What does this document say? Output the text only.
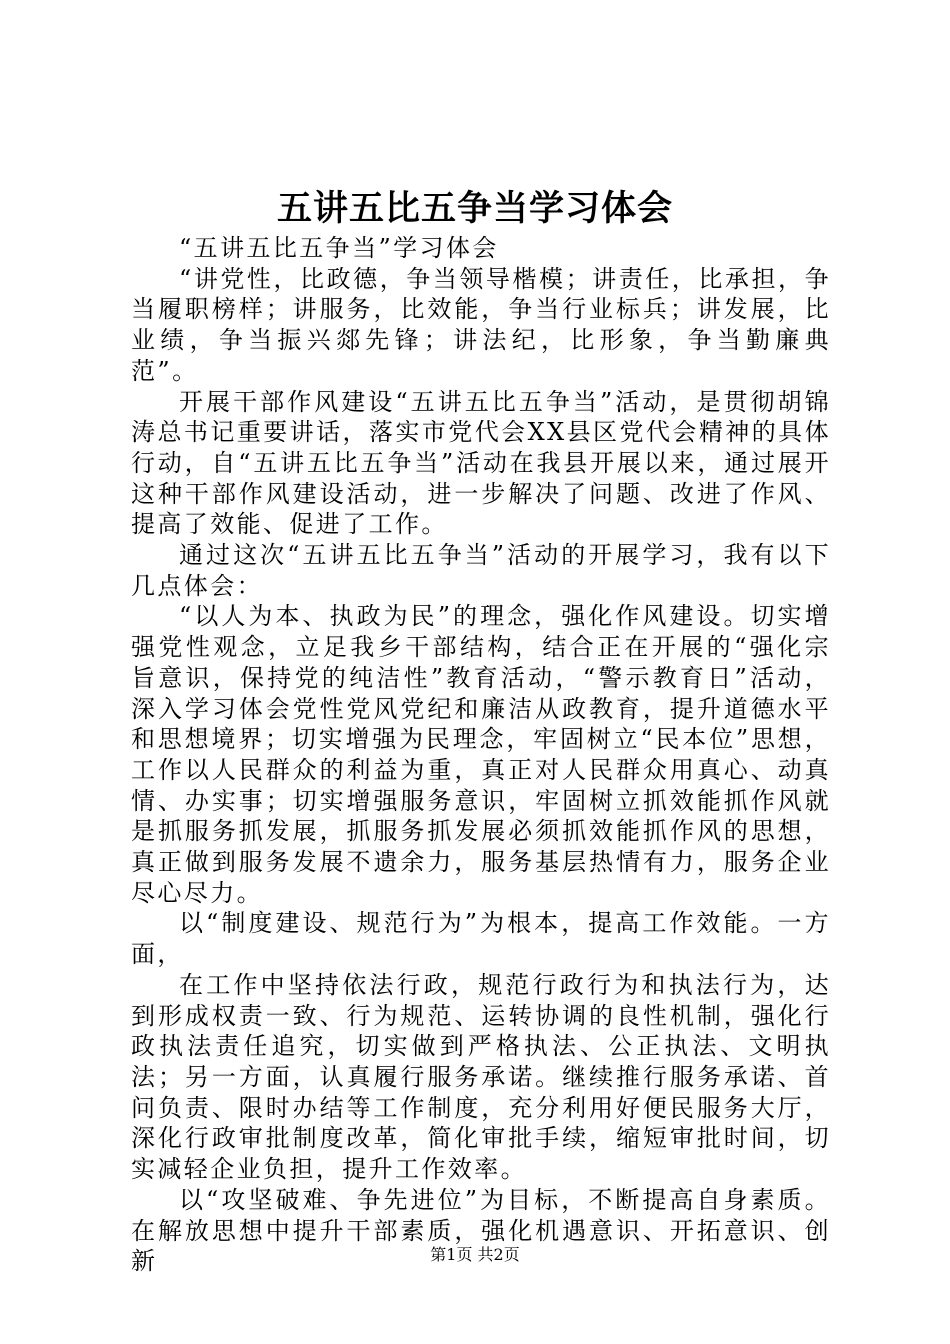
五讲五比五争当学习体会

“五讲五比五争当”学习体会

“讲党性，比政德，争当领导楷模；讲责任，比承担，争当履职榜样；讲服务，比效能，争当行业标兵；讲发展，比业绩，争当振兴郯先锋；讲法纪，比形象，争当勤廉典范”。

开展干部作风建设“五讲五比五争当”活动，是贯彻胡锦涛总书记重要讲话，落实市党代会XX县区党代会精神的具体行动，自“五讲五比五争当”活动在我县开展以来，通过展开这种干部作风建设活动，进一步解决了问题、改进了作风、提高了效能、促进了工作。

通过这次“五讲五比五争当”活动的开展学习，我有以下几点体会：

“以人为本、执政为民”的理念，强化作风建设。切实增强党性观念，立足我乡干部结构，结合正在开展的“强化宗旨意识，保持党的纯洁性”教育活动，“警示教育日”活动，深入学习体会党性党风党纪和廉洁从政教育，提升道德水平和思想境界；切实增强为民理念，牢固树立“民本位”思想，工作以人民群众的利益为重，真正对人民群众用真心、动真情、办实事；切实增强服务意识，牢固树立抓效能抓作风就是抓服务抓发展，抓服务抓发展必须抓效能抓作风的思想，真正做到服务发展不遗余力，服务基层热情有力，服务企业尽心尽力。

以“制度建设、规范行为”为根本，提高工作效能。一方面，

在工作中坚持依法行政，规范行政行为和执法行为，达到形成权责一致、行为规范、运转协调的良性机制，强化行政执法责任追究，切实做到严格执法、公正执法、文明执法；另一方面，认真履行服务承诺。继续推行服务承诺、首问负责、限时办结等工作制度，充分利用好便民服务大厅，深化行政审批制度改革，简化审批手续，缩短审批时间，切实减轻企业负担，提升工作效率。

以“攻坚破难、争先进位”为目标，不断提高自身素质。在解放思想中提升干部素质，强化机遇意识、开拓意识、创新	第1页 共2页
